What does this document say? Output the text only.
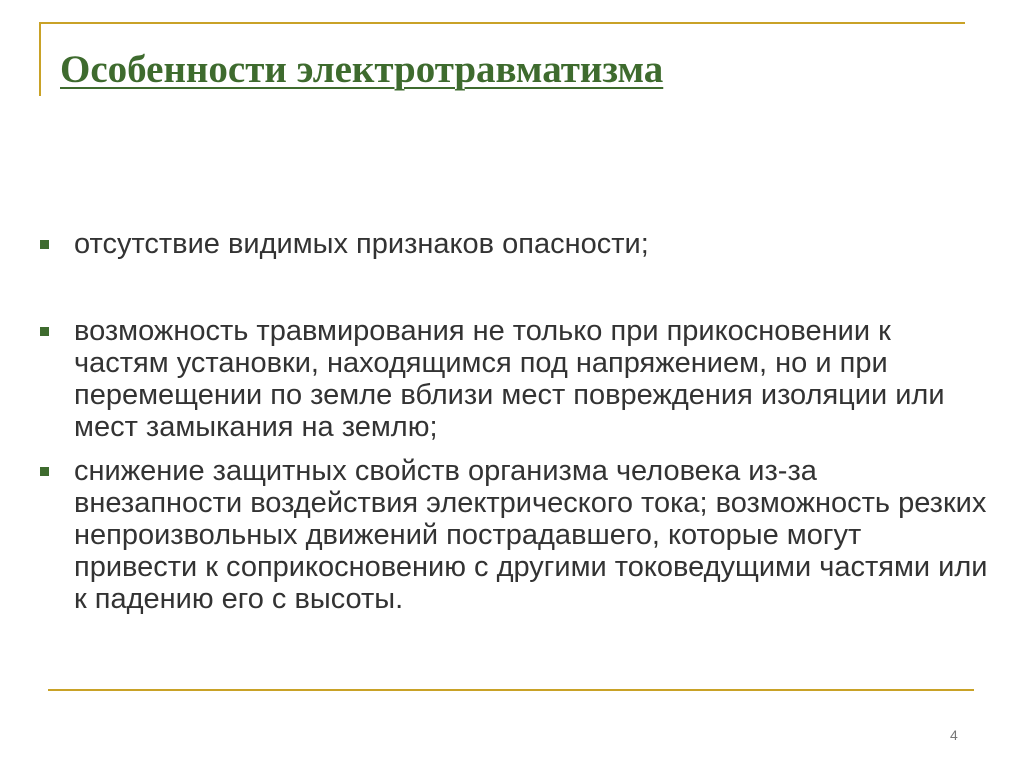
Особенности электротравматизма
отсутствие видимых признаков опасности;
возможность травмирования не только при прикосновении к частям установки, находящимся под напряжением, но и при перемещении по земле вблизи мест повреждения изоляции или мест замыкания на землю;
снижение защитных свойств организма человека из-за внезапности воздействия электрического тока; возможность резких непроизвольных движений пострадавшего, которые могут привести к соприкосновению с другими токоведущими частями или к падению его с высоты.
4
